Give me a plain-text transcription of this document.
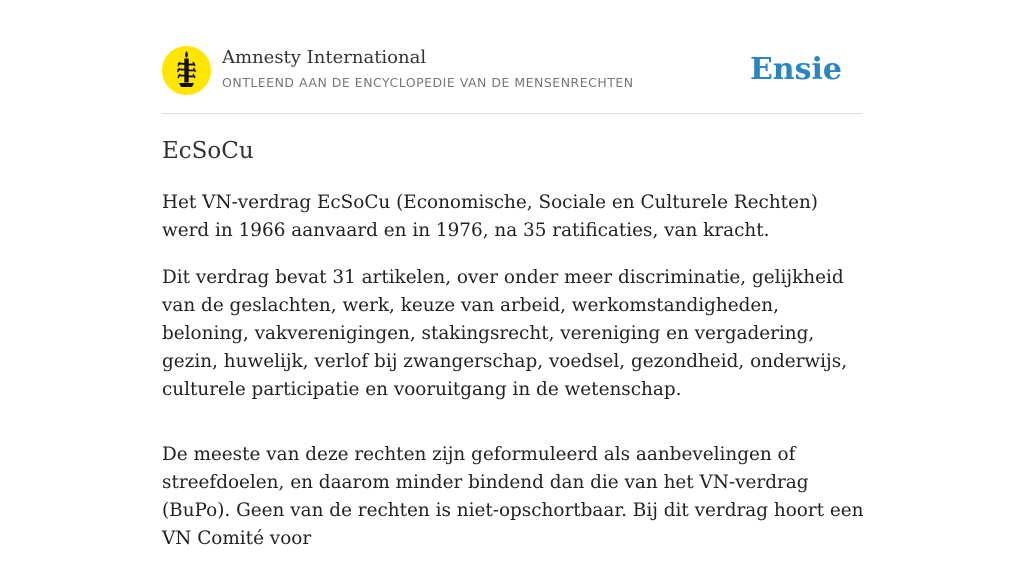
Amnesty International
ONTLEEND AAN DE ENCYCLOPEDIE VAN DE MENSENRECHTEN	Ensie
EcSoCu

Het VN-verdrag EcSoCu (Economische, Sociale en Culturele Rechten) werd in 1966 aanvaard en in 1976, na 35 ratificaties, van kracht.

Dit verdrag bevat 31 artikelen, over onder meer discriminatie, gelijkheid van de geslachten, werk, keuze van arbeid, werkomstandigheden, beloning, vakverenigingen, stakingsrecht, vereniging en vergadering, gezin, huwelijk, verlof bij zwangerschap, voedsel, gezondheid, onderwijs, culturele participatie en vooruitgang in de wetenschap.

De meeste van deze rechten zijn geformuleerd als aanbevelingen of streefdoelen, en daarom minder bindend dan die van het VN-verdrag (BuPo). Geen van de rechten is niet-opschortbaar. Bij dit verdrag hoort een VN Comité voor
